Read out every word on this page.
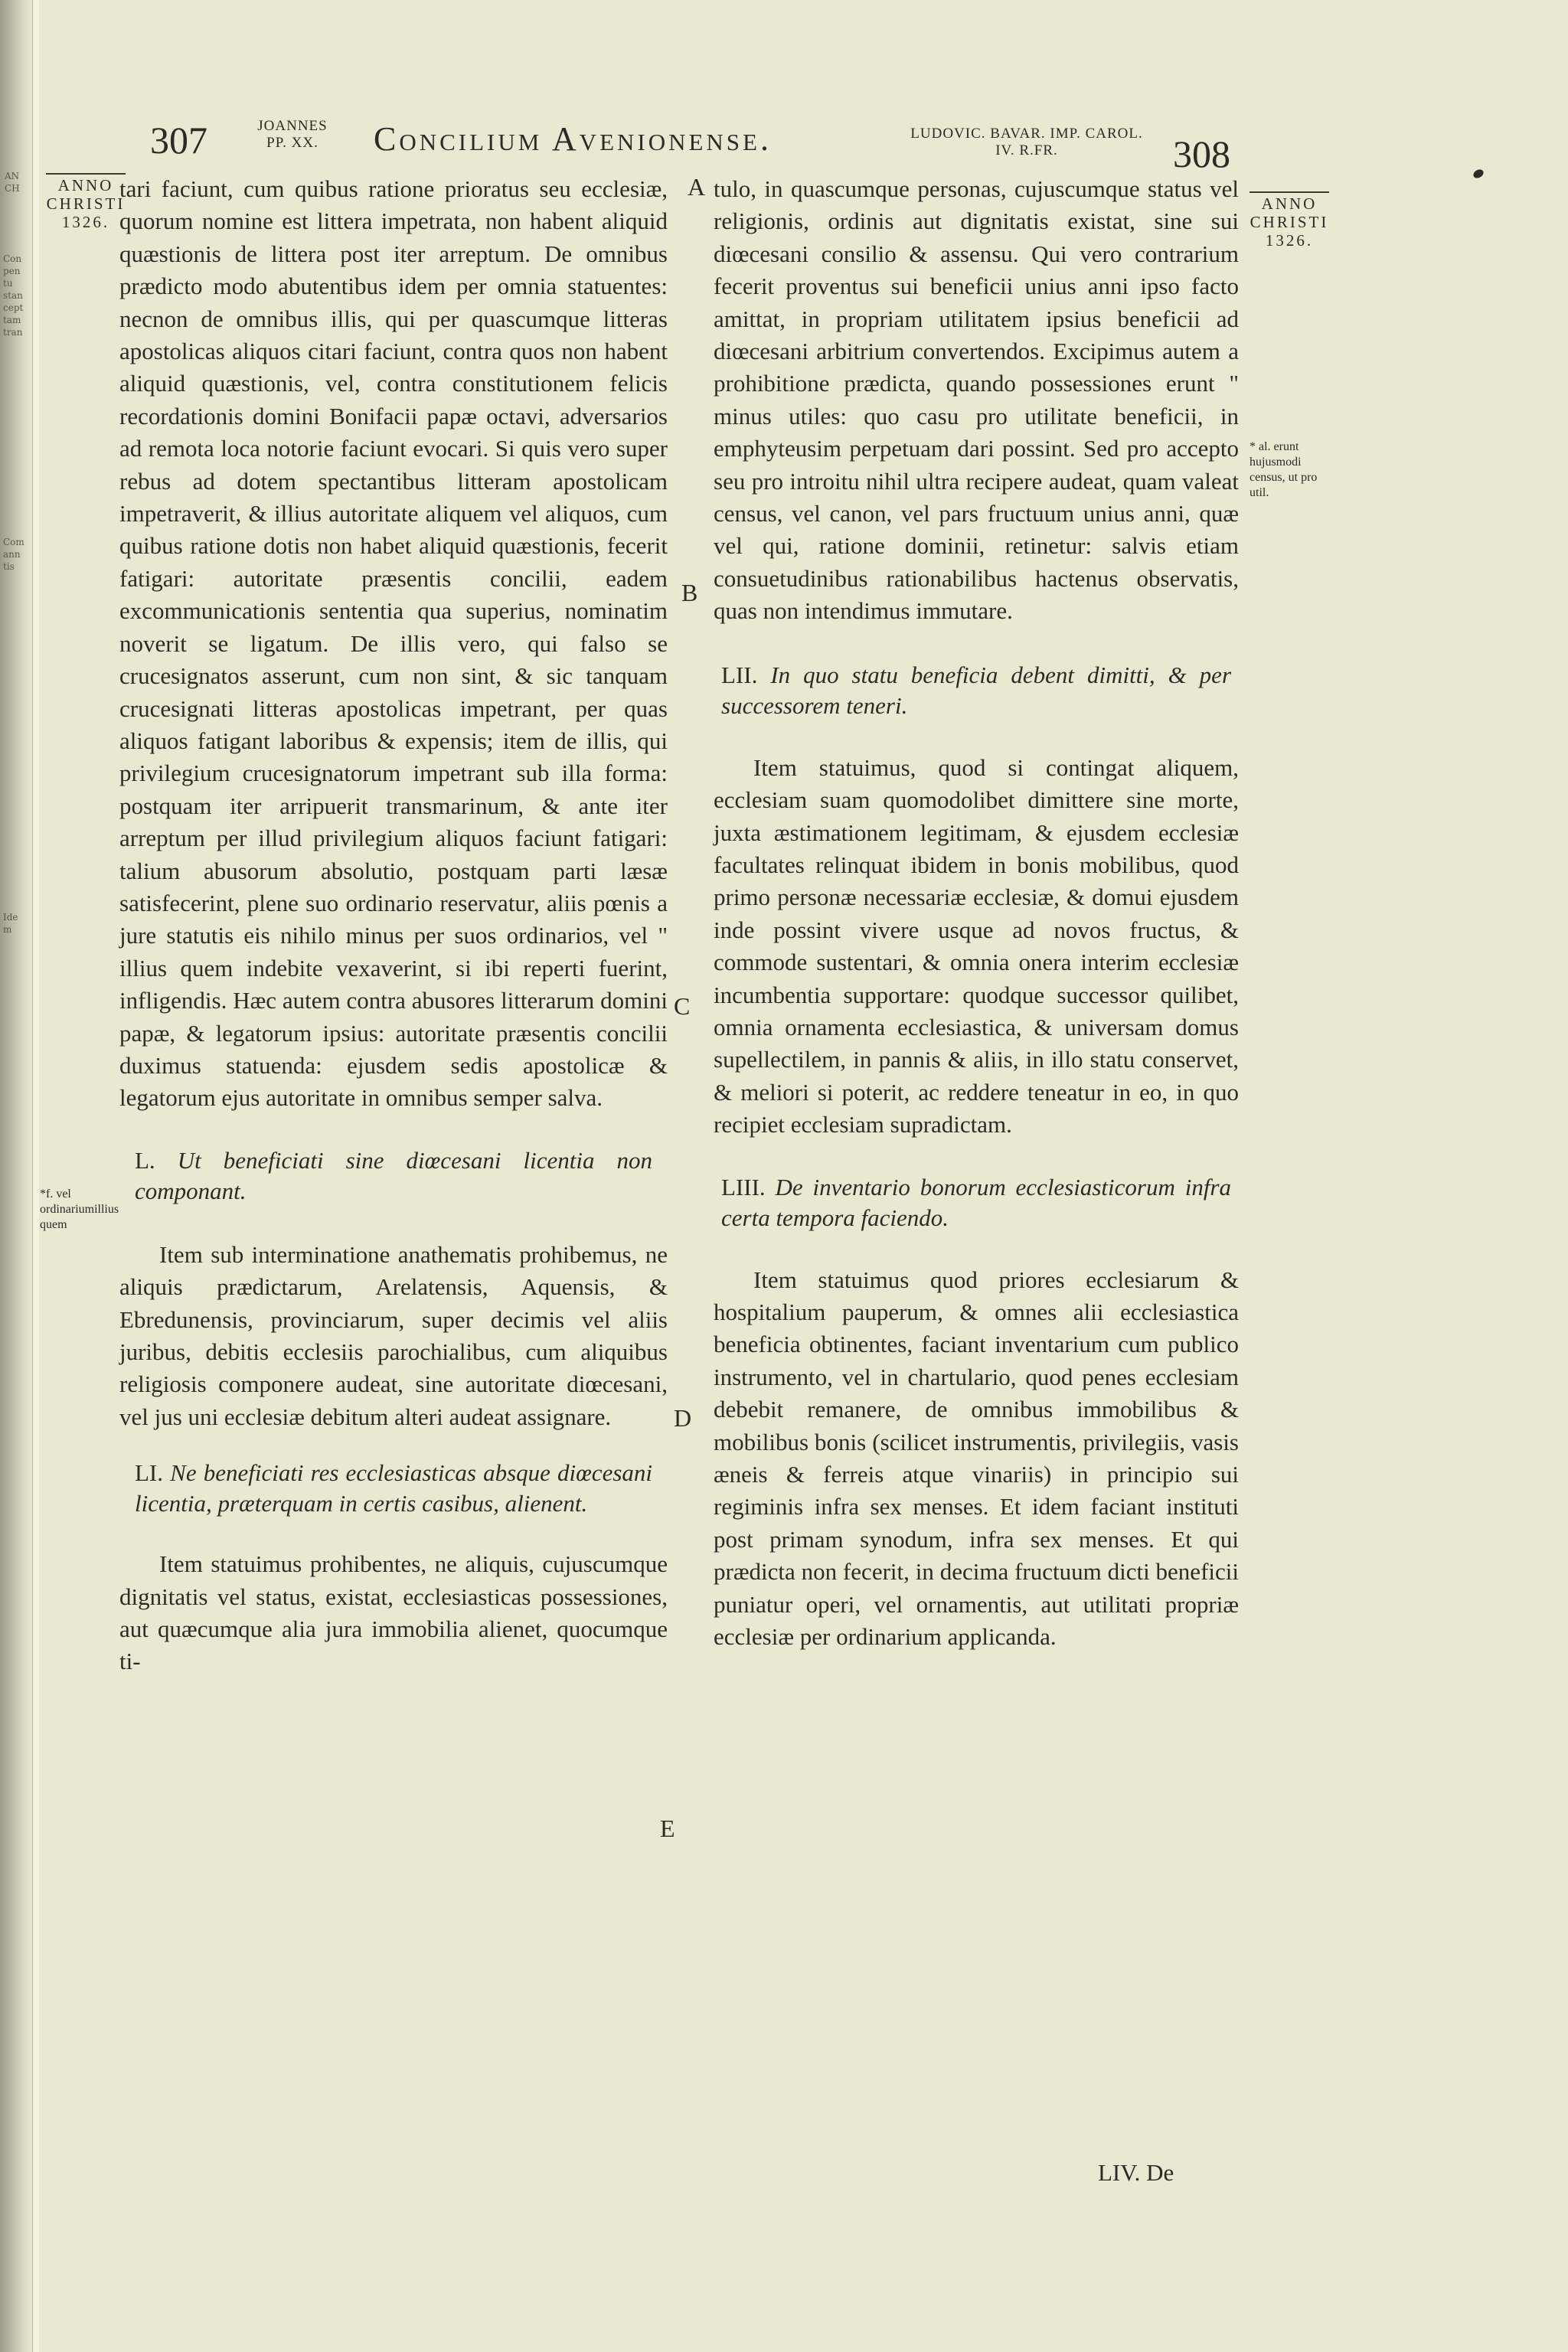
AN CH
Con pen tu stan cept tam tran
Com ann tis
Idem
307	JOANNES PP. XX.	Concilium Avenionense.	LUDOVIC. BAVAR. IMP. CAROL. IV. R.FR.	308
ANNO CHRISTI 1326.
*f. vel ordinariumillius quem
ANNO CHRISTI 1326.
* al. erunt hujusmodi census, ut pro util.
A
B
C
D
E

tari faciunt, cum quibus ratione prioratus seu ecclesiæ, quorum nomine est littera impetrata, non habent aliquid quæstionis de littera post iter arreptum. De omnibus prædicto modo abutentibus idem per omnia statuentes: necnon de omnibus illis, qui per quascumque litteras apostolicas aliquos citari faciunt, contra quos non habent aliquid quæstionis, vel, contra constitutionem felicis recordationis domini Bonifacii papæ octavi, adversarios ad remota loca notorie faciunt evocari. Si quis vero super rebus ad dotem spectantibus litteram apostolicam impetraverit, & illius autoritate aliquem vel aliquos, cum quibus ratione dotis non habet aliquid quæstionis, fecerit fatigari: autoritate præsentis concilii, eadem excommunicationis sententia qua superius, nominatim noverit se ligatum. De illis vero, qui falso se crucesignatos asserunt, cum non sint, & sic tanquam crucesignati litteras apostolicas impetrant, per quas aliquos fatigant laboribus & expensis; item de illis, qui privilegium crucesignatorum impetrant sub illa forma: postquam iter arripuerit transmarinum, & ante iter arreptum per illud privilegium aliquos faciunt fatigari: talium abusorum absolutio, postquam parti læsæ satisfecerint, plene suo ordinario reservatur, aliis pœnis a jure statutis eis nihilo minus per suos ordinarios, vel " illius quem indebite vexaverint, si ibi reperti fuerint, infligendis. Hæc autem contra abusores litterarum domini papæ, & legatorum ipsius: autoritate præsentis concilii duximus statuenda: ejusdem sedis apostolicæ & legatorum ejus autoritate in omnibus semper salva.

L. Ut beneficiati sine diœcesani licentia non componant.

Item sub interminatione anathematis prohibemus, ne aliquis prædictarum, Arelatensis, Aquensis, & Ebredunensis, provinciarum, super decimis vel aliis juribus, debitis ecclesiis parochialibus, cum aliquibus religiosis componere audeat, sine autoritate diœcesani, vel jus uni ecclesiæ debitum alteri audeat assignare.

LI. Ne beneficiati res ecclesiasticas absque diœcesani licentia, præterquam in certis casibus, alienent.

Item statuimus prohibentes, ne aliquis, cujuscumque dignitatis vel status, existat, ecclesiasticas possessiones, aut quæcumque alia jura immobilia alienet, quocumque ti-

tulo, in quascumque personas, cujuscumque status vel religionis, ordinis aut dignitatis existat, sine sui diœcesani consilio & assensu. Qui vero contrarium fecerit proventus sui beneficii unius anni ipso facto amittat, in propriam utilitatem ipsius beneficii ad diœcesani arbitrium convertendos. Excipimus autem a prohibitione prædicta, quando possessiones erunt " minus utiles: quo casu pro utilitate beneficii, in emphyteusim perpetuam dari possint. Sed pro accepto seu pro introitu nihil ultra recipere audeat, quam valeat census, vel canon, vel pars fructuum unius anni, quæ vel qui, ratione dominii, retinetur: salvis etiam consuetudinibus rationabilibus hactenus observatis, quas non intendimus immutare.

LII. In quo statu beneficia debent dimitti, & per successorem teneri.

Item statuimus, quod si contingat aliquem, ecclesiam suam quomodolibet dimittere sine morte, juxta æstimationem legitimam, & ejusdem ecclesiæ facultates relinquat ibidem in bonis mobilibus, quod primo personæ necessariæ ecclesiæ, & domui ejusdem inde possint vivere usque ad novos fructus, & commode sustentari, & omnia onera interim ecclesiæ incumbentia supportare: quodque successor quilibet, omnia ornamenta ecclesiastica, & universam domus supellectilem, in pannis & aliis, in illo statu conservet, & meliori si poterit, ac reddere teneatur in eo, in quo recipiet ecclesiam supradictam.

LIII. De inventario bonorum ecclesiasticorum infra certa tempora faciendo.

Item statuimus quod priores ecclesiarum & hospitalium pauperum, & omnes alii ecclesiastica beneficia obtinentes, faciant inventarium cum publico instrumento, vel in chartulario, quod penes ecclesiam debebit remanere, de omnibus immobilibus & mobilibus bonis (scilicet instrumentis, privilegiis, vasis æneis & ferreis atque vinariis) in principio sui regiminis infra sex menses. Et idem faciant instituti post primam synodum, infra sex menses. Et qui prædicta non fecerit, in decima fructuum dicti beneficii puniatur operi, vel ornamentis, aut utilitati propriæ ecclesiæ per ordinarium applicanda.

LIV. De
